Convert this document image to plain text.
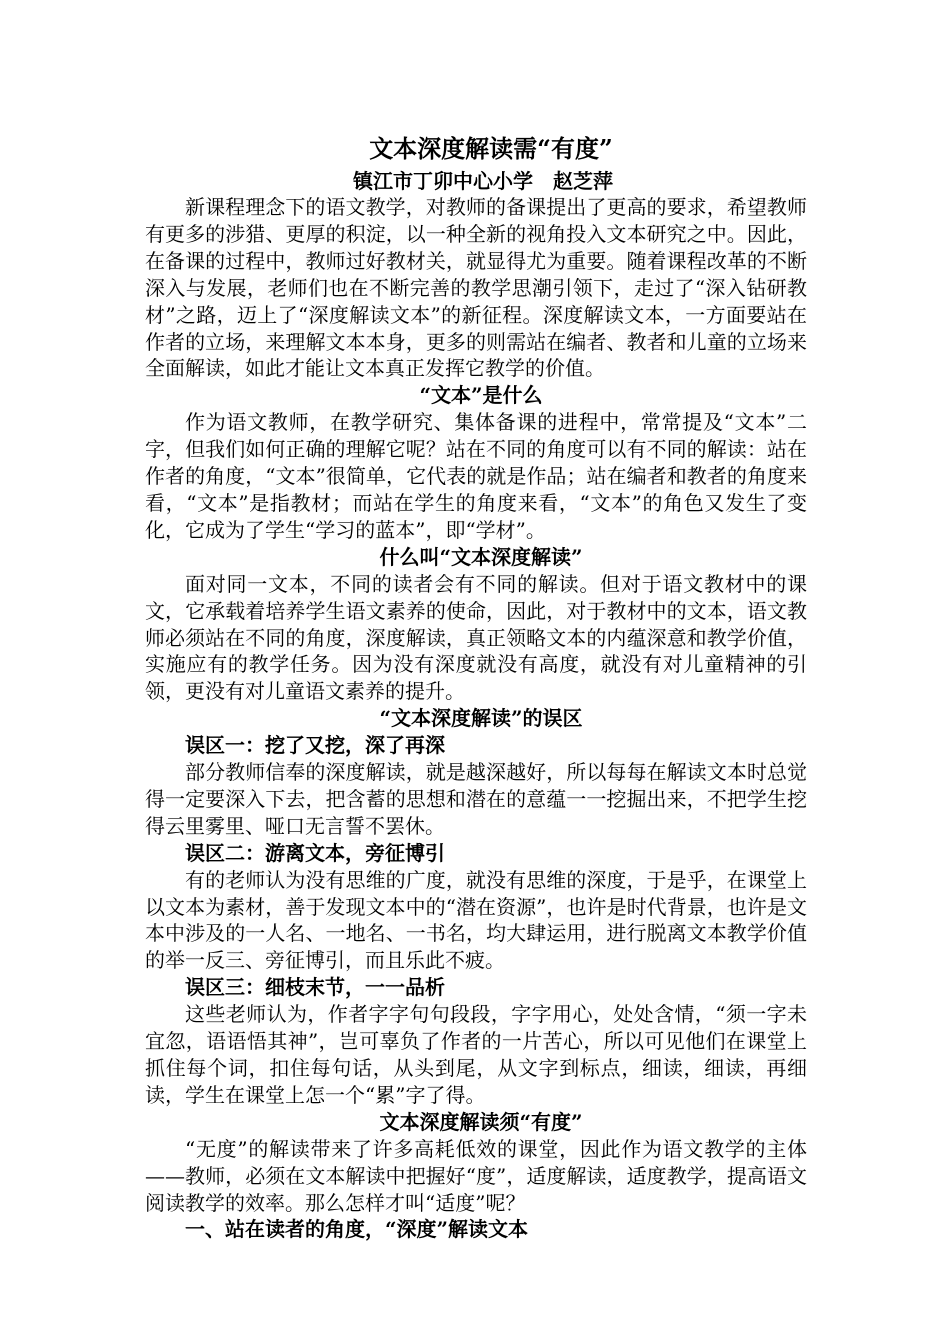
文本深度解读需“有度”
镇江市丁卯中心小学　赵芝萍

新课程理念下的语文教学，对教师的备课提出了更高的要求，希望教师有更多的涉猎、更厚的积淀，以一种全新的视角投入文本研究之中。因此，在备课的过程中，教师过好教材关，就显得尤为重要。随着课程改革的不断深入与发展，老师们也在不断完善的教学思潮引领下，走过了“深入钻研教材”之路，迈上了“深度解读文本”的新征程。深度解读文本，一方面要站在作者的立场，来理解文本本身，更多的则需站在编者、教者和儿童的立场来全面解读，如此才能让文本真正发挥它教学的价值。

“文本”是什么

作为语文教师，在教学研究、集体备课的进程中，常常提及“文本”二字，但我们如何正确的理解它呢？站在不同的角度可以有不同的解读：站在作者的角度，“文本”很简单，它代表的就是作品；站在编者和教者的角度来看，“文本”是指教材；而站在学生的角度来看，“文本”的角色又发生了变化，它成为了学生“学习的蓝本”，即“学材”。

什么叫“文本深度解读”

面对同一文本，不同的读者会有不同的解读。但对于语文教材中的课文，它承载着培养学生语文素养的使命，因此，对于教材中的文本，语文教师必须站在不同的角度，深度解读，真正领略文本的内蕴深意和教学价值，实施应有的教学任务。因为没有深度就没有高度，就没有对儿童精神的引领，更没有对儿童语文素养的提升。

“文本深度解读”的误区
误区一：挖了又挖，深了再深

部分教师信奉的深度解读，就是越深越好，所以每每在解读文本时总觉得一定要深入下去，把含蓄的思想和潜在的意蕴一一挖掘出来，不把学生挖得云里雾里、哑口无言誓不罢休。

误区二：游离文本，旁征博引

有的老师认为没有思维的广度，就没有思维的深度，于是乎，在课堂上以文本为素材，善于发现文本中的“潜在资源”，也许是时代背景，也许是文本中涉及的一人名、一地名、一书名，均大肆运用，进行脱离文本教学价值的举一反三、旁征博引，而且乐此不疲。

误区三：细枝末节，一一品析

这些老师认为，作者字字句句段段，字字用心，处处含情，“须一字未宜忽，语语悟其神”，岂可辜负了作者的一片苦心，所以可见他们在课堂上抓住每个词，扣住每句话，从头到尾，从文字到标点，细读，细读，再细读，学生在课堂上怎一个“累”字了得。

文本深度解读须“有度”

“无度”的解读带来了许多高耗低效的课堂，因此作为语文教学的主体——教师，必须在文本解读中把握好“度”，适度解读，适度教学，提高语文阅读教学的效率。那么怎样才叫“适度”呢？

一、站在读者的角度，“深度”解读文本
